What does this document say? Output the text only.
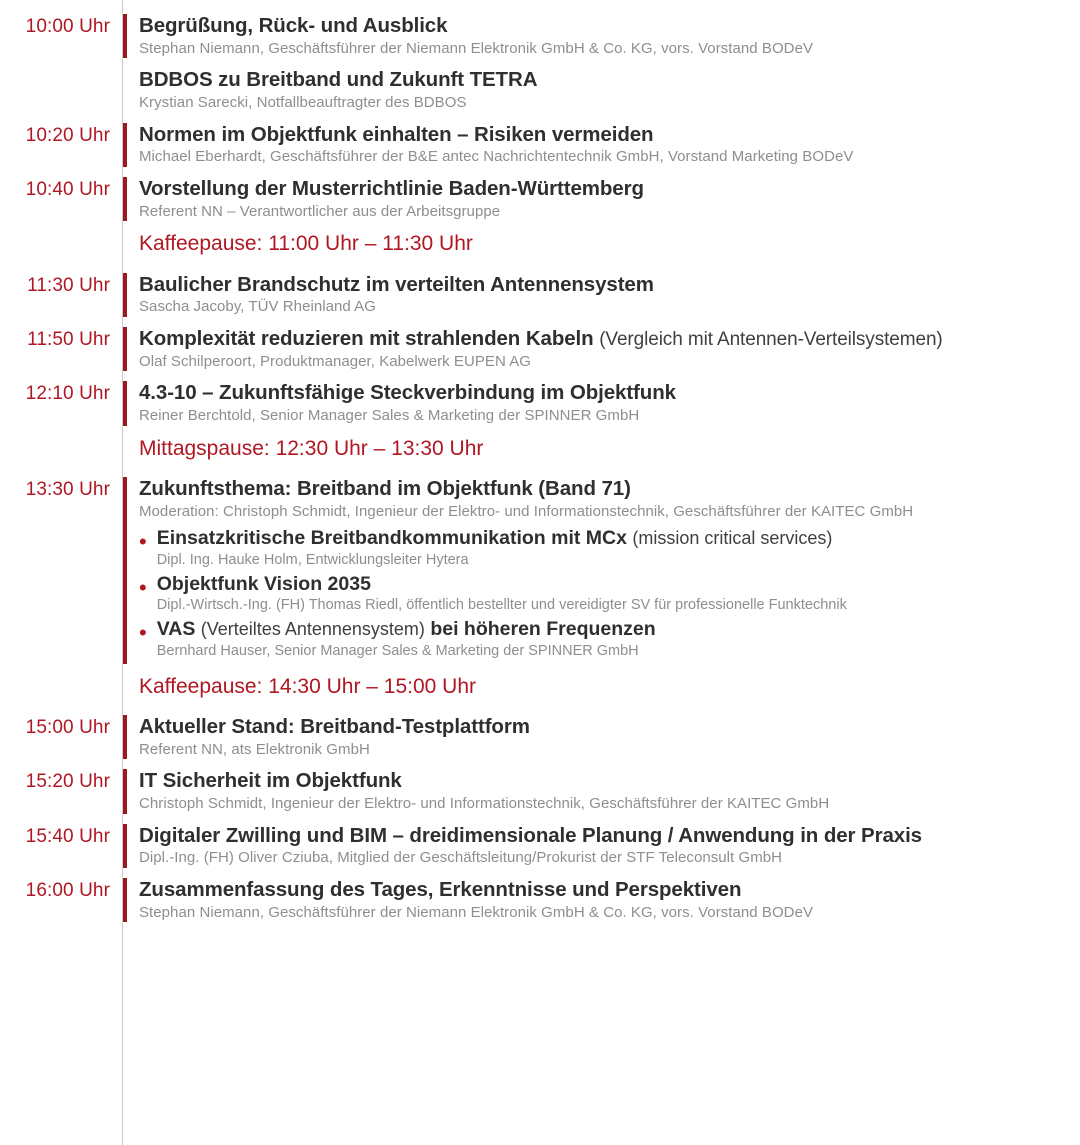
10:00 Uhr	Begrüßung, Rück- und Ausblick
Stephan Niemann, Geschäftsführer der Niemann Elektronik GmbH & Co. KG, vors. Vorstand BODeV
BDBOS zu Breitband und Zukunft TETRA
Krystian Sarecki, Notfallbeauftragter des BDBOS
10:20 Uhr	Normen im Objektfunk einhalten – Risiken vermeiden
Michael Eberhardt, Geschäftsführer der B&E antec Nachrichtentechnik GmbH, Vorstand Marketing BODeV
10:40 Uhr	Vorstellung der Musterrichtlinie Baden-Württemberg
Referent NN – Verantwortlicher aus der Arbeitsgruppe
Kaffeepause: 11:00 Uhr – 11:30 Uhr
11:30 Uhr	Baulicher Brandschutz im verteilten Antennensystem
Sascha Jacoby, TÜV Rheinland AG
11:50 Uhr	Komplexität reduzieren mit strahlenden Kabeln (Vergleich mit Antennen-Verteilsystemen)
Olaf Schilperoort, Produktmanager, Kabelwerk EUPEN AG
12:10 Uhr	4.3-10 – Zukunftsfähige Steckverbindung im Objektfunk
Reiner Berchtold, Senior Manager Sales & Marketing der SPINNER GmbH
Mittagspause: 12:30 Uhr – 13:30 Uhr
13:30 Uhr	Zukunftsthema: Breitband im Objektfunk (Band 71)
Moderation: Christoph Schmidt, Ingenieur der Elektro- und Informationstechnik, Geschäftsführer der KAITEC GmbH
• Einsatzkritische Breitbandkommunikation mit MCx (mission critical services)
Dipl. Ing. Hauke Holm, Entwicklungsleiter Hytera
• Objektfunk Vision 2035
Dipl.-Wirtsch.-Ing. (FH) Thomas Riedl, öffentlich bestellter und vereidigter SV für professionelle Funktechnik
• VAS (Verteiltes Antennensystem) bei höheren Frequenzen
Bernhard Hauser, Senior Manager Sales & Marketing der SPINNER GmbH
Kaffeepause: 14:30 Uhr – 15:00 Uhr
15:00 Uhr	Aktueller Stand: Breitband-Testplattform
Referent NN, ats Elektronik GmbH
15:20 Uhr	IT Sicherheit im Objektfunk
Christoph Schmidt, Ingenieur der Elektro- und Informationstechnik, Geschäftsführer der KAITEC GmbH
15:40 Uhr	Digitaler Zwilling und BIM – dreidimensionale Planung / Anwendung in der Praxis
Dipl.-Ing. (FH) Oliver Cziuba, Mitglied der Geschäftsleitung/Prokurist der STF Teleconsult GmbH
16:00 Uhr	Zusammenfassung des Tages, Erkenntnisse und Perspektiven
Stephan Niemann, Geschäftsführer der Niemann Elektronik GmbH & Co. KG, vors. Vorstand BODeV
